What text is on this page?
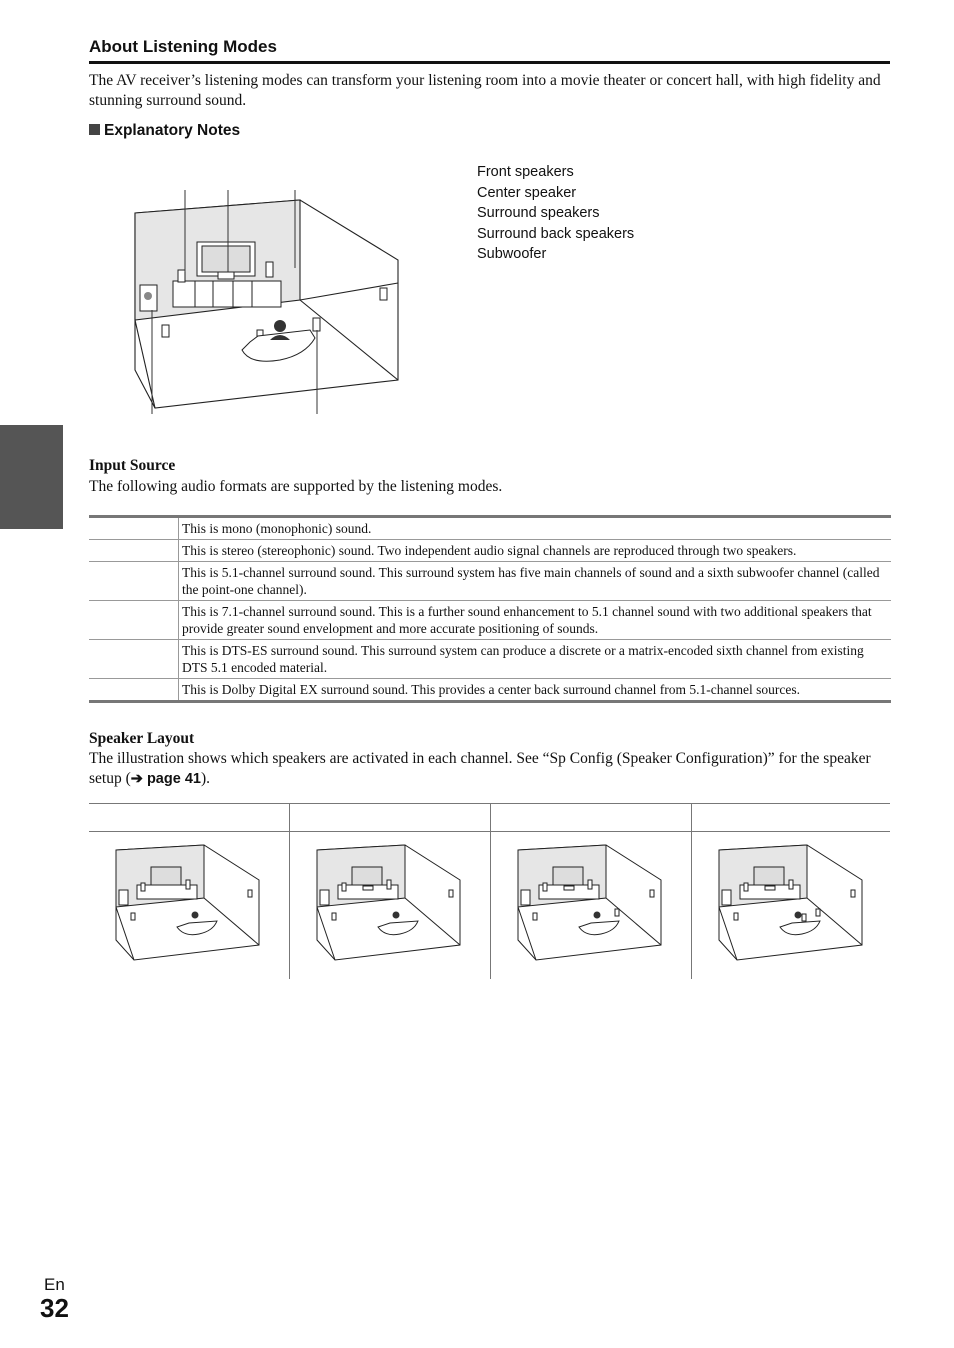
About Listening Modes

The AV receiver’s listening modes can transform your listening room into a movie theater or concert hall, with high fidelity and stunning surround sound.

Explanatory Notes
Front speakers
Center speaker
Surround speakers
Surround back speakers
Subwoofer
Input Source

The following audio formats are supported by the listening modes.

	This is mono (monophonic) sound.
	This is stereo (stereophonic) sound. Two independent audio signal channels are reproduced through two speakers.
	This is 5.1-channel surround sound. This surround system has five main channels of sound and a sixth subwoofer channel (called the point-one channel).
	This is 7.1-channel surround sound. This is a further sound enhancement to 5.1 channel sound with two additional speakers that provide greater sound envelopment and more accurate positioning of sounds.
	This is DTS-ES surround sound. This surround system can produce a discrete or a matrix-encoded sixth channel from existing DTS 5.1 encoded material.
	This is Dolby Digital EX surround sound. This provides a center back surround channel from 5.1-channel sources.
Speaker Layout

The illustration shows which speakers are activated in each channel. See “Sp Config (Speaker Configuration)” for the speaker setup (➔ page 41).

En
32
